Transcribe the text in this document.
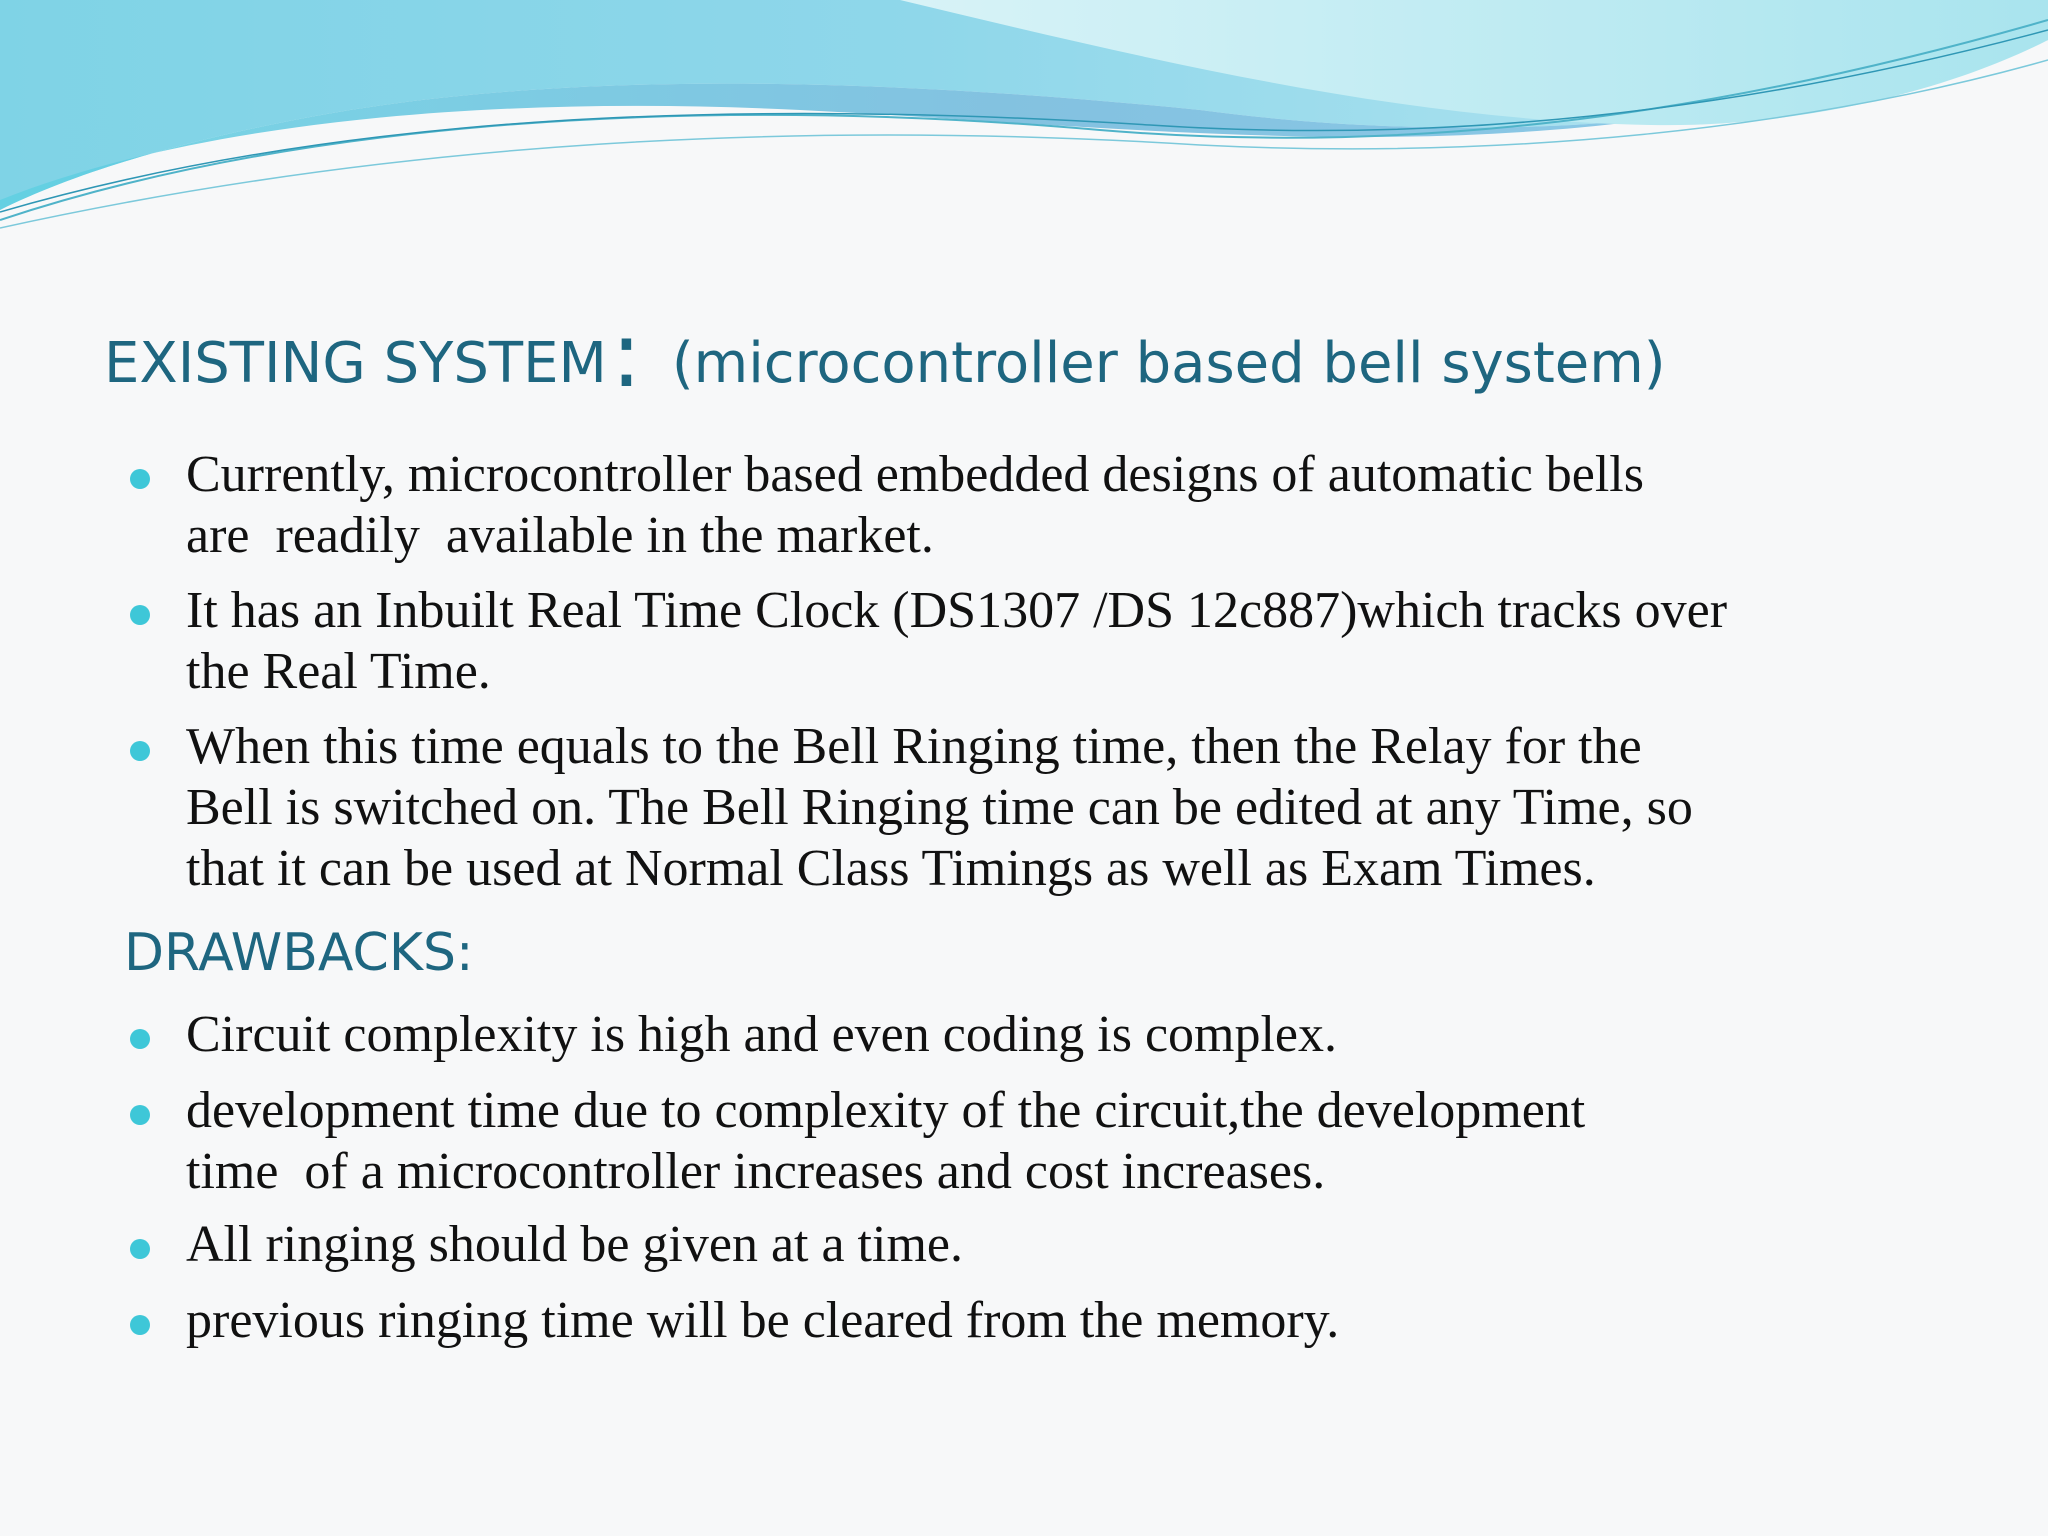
EXISTING SYSTEM: (microcontroller based bell system)
Currently, microcontroller based embedded designs of automatic bells
are  readily  available in the market.
It has an Inbuilt Real Time Clock (DS1307 /DS 12c887)which tracks over
the Real Time.
When this time equals to the Bell Ringing time, then the Relay for the
Bell is switched on. The Bell Ringing time can be edited at any Time, so
that it can be used at Normal Class Timings as well as Exam Times.
DRAWBACKS:
Circuit complexity is high and even coding is complex.
development time due to complexity of the circuit,the development
time  of a microcontroller increases and cost increases.
All ringing should be given at a time.
previous ringing time will be cleared from the memory.
